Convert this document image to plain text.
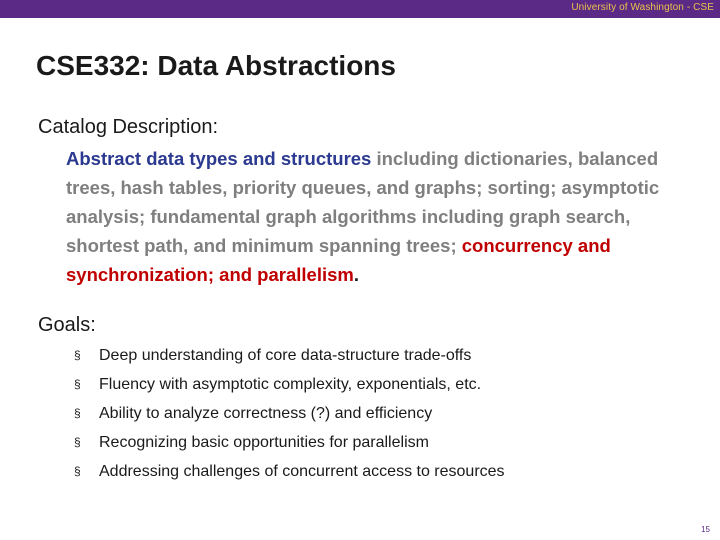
University of Washington - CSE
CSE332: Data Abstractions
Catalog Description:
Abstract data types and structures including dictionaries, balanced trees, hash tables, priority queues, and graphs; sorting; asymptotic analysis; fundamental graph algorithms including graph search, shortest path, and minimum spanning trees; concurrency and synchronization; and parallelism.
Goals:
§ Deep understanding of core data-structure trade-offs
§ Fluency with asymptotic complexity, exponentials, etc.
§ Ability to analyze correctness (?) and efficiency
§ Recognizing basic opportunities for parallelism
§ Addressing challenges of concurrent access to resources
15
